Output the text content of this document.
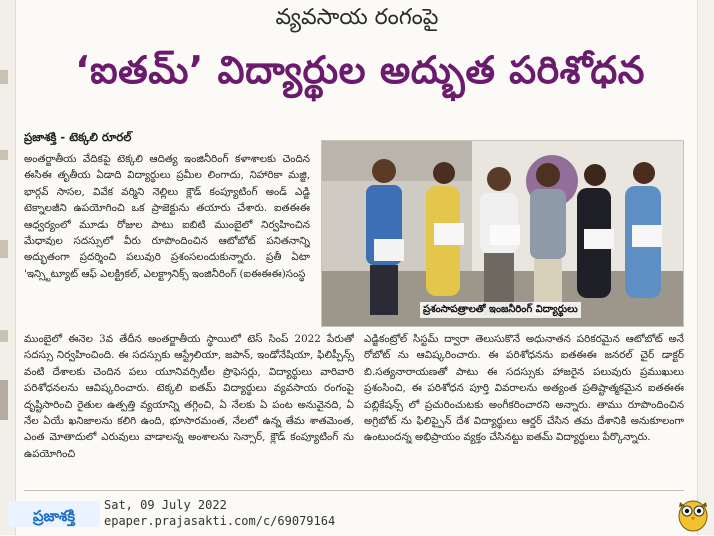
వ్యవసాయ రంగంపై
‘ఐతమ్’ విద్యార్థుల అద్భుత పరిశోధన
ప్రజాశక్తి - టెక్కలి రూరల్
అంతర్జాతీయ వేదికపై టెక్కలి ఆదిత్య ఇంజినీరింగ్ కళాశాలకు చెందిన ఈసిఈ తృతీయ ఏడాది విద్యార్థులు ప్రమీల లింగాదు, నిహారికా మజ్జి, భార్గవ్ సాసల, వివేక వర్మిని నెల్లిలు క్లౌడ్ కంప్యూటింగ్ అండ్ ఎడ్జి టెక్నాలజీని ఉపయోగించి ఒక ప్రాజెక్టును తయారు చేశారు. ఐతఈఈ ఆధ్వర్యంలో మూడు రోజుల పాటు ఐబిటి ముంబైలో నిర్వహించిన మేధావుల సదస్సులో వీరు రూపొందించిన ఆటోబోట్ పనితనాన్ని అద్భుతంగా ప్రదర్శించి పలువురి ప్రశంసలందుకున్నారు. ప్రతీ ఏటా 'ఇన్స్టిట్యూట్ ఆఫ్ ఎలక్ట్రికల్, ఎలక్ట్రానిక్స్ ఇంజినీరింగ్ (ఐఈఈఈ)సంస్థ
ప్రశంసాపత్రాలతో ఇంజనీరింగ్ విద్యార్థులు
ముంబైలో ఈనెల 3వ తేదీన అంతర్జాతీయ స్థాయిలో టెస్ సింప్ 2022 పేరుతో సదస్సు నిర్వహించింది. ఈ సదస్సుకు ఆస్ట్రేలియా, జపాన్, ఇండోనేషియా, ఫిలిప్పీన్స్ వంటి దేశాలకు చెందిన పలు యూనివర్సిటీల ప్రొఫెసర్లు, విద్యార్థులు వారివారి పరిశోధనలను ఆవిష్కరించారు. టెక్కలి ఐతమ్ విద్యార్థులు వ్యవసాయ రంగంపై దృష్టిసారించి రైతుల ఉత్పత్తి వ్యయాన్ని తగ్గించి, ఏ నేలకు ఏ పంట అనువైనది, ఏ నేల ఏయే ఖనిజాలను కలిగి ఉంది, భూసారమంత, నేలలో ఉన్న తేమ శాతమెంత, ఎంత మోతాదులో ఎరువులు వాడాలన్న అంశాలను సెన్సార్, క్లౌడ్ కంప్యూటింగ్ ను ఉపయోగించి
ఎడ్జికంట్రోల్ సిస్టమ్ ద్వారా తెలుసుకొనే అధునాతన పరికరమైన ఆటోబోట్ అనే రోబోట్ ను ఆవిష్కరించారు. ఈ పరిశోధనను ఐతఈఈ జనరల్ చైర్ డాక్టర్ బి.సత్యనారాయణతో పాటు ఈ సదస్సుకు హాజరైన పలువురు ప్రముఖులు ప్రశంసించి, ఈ పరిశోధన పూర్తి వివరాలను అత్యంత ప్రతిష్టాత్మకమైన ఐతఈఈ పబ్లికేషన్స్ లో ప్రచురించుటకు అంగీకరించారని అన్నారు. తాము రూపొందించిన అగ్రిబోట్ ను ఫిలిప్పైన్ దేశ విద్యార్థులు ఆర్డర్ చేసిన తమ దేశానికి అనుకూలంగా ఉంటుందన్న అభిప్రాయం వ్యక్తం చేసినట్టు ఐతమ్ విద్యార్థులు పేర్కొన్నారు.
ప్రజాశక్తి
Sat, 09 July 2022
epaper.prajasakti.com/c/69079164
